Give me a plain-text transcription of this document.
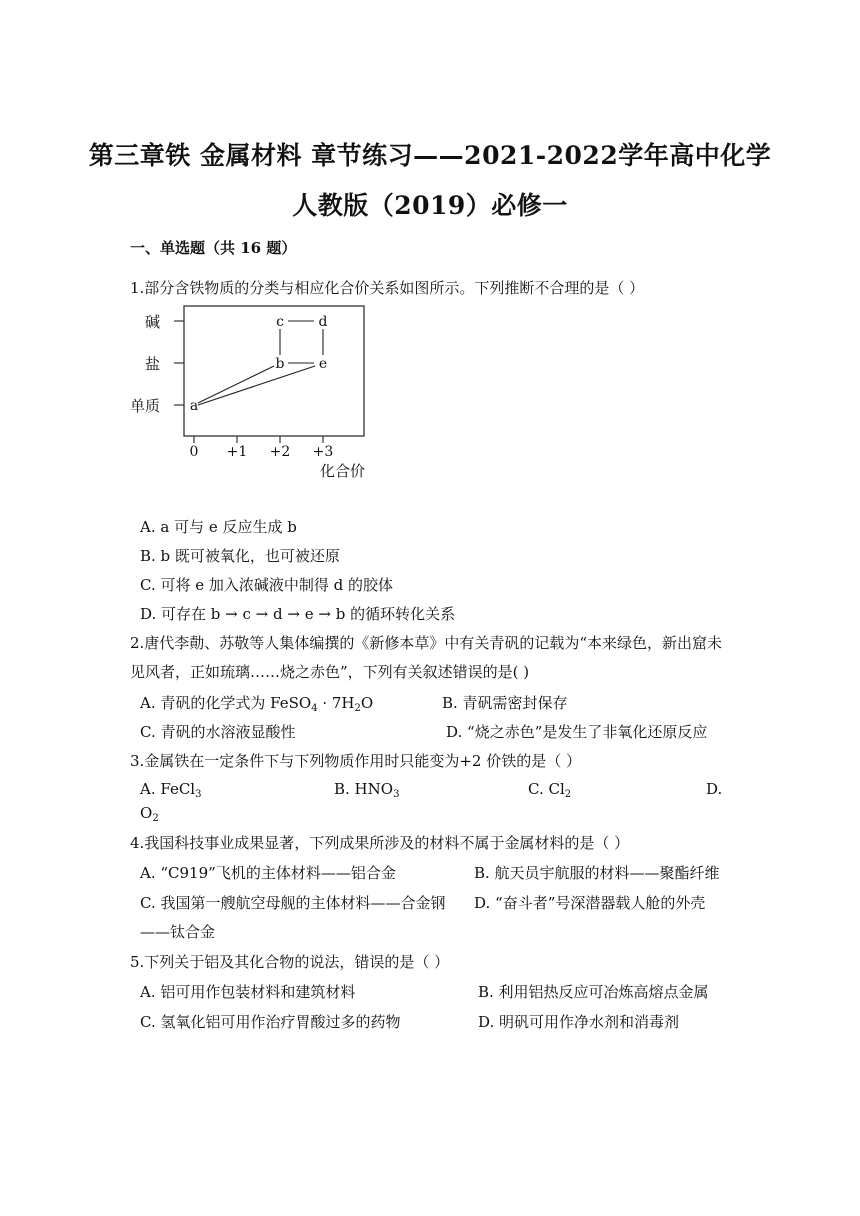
第三章铁 金属材料 章节练习——2021-2022学年高中化学
人教版（2019）必修一
一、单选题（共 16 题）
1.部分含铁物质的分类与相应化合价关系如图所示。下列推断不合理的是（ ）
碱
盐
单质
0 +1 +2 +3
化合价
a
b e
c d
A. a 可与 e 反应生成 b
B. b 既可被氧化，也可被还原
C. 可将 e 加入浓碱液中制得 d 的胶体
D. 可存在 b → c → d → e → b 的循环转化关系
2.唐代李勣、苏敬等人集体编撰的《新修本草》中有关青矾的记载为“本来绿色，新出窟未
见风者，正如琉璃……烧之赤色”，下列有关叙述错误的是( )
A. 青矾的化学式为 FeSO$_4$ · $7H_2O$	B. 青矾需密封保存
C. 青矾的水溶液显酸性	D. “烧之赤色”是发生了非氧化还原反应
3.金属铁在一定条件下与下列物质作用时只能变为+2 价铁的是（ ）
A. FeCl$_3$	B. $HNO_3$	C. $Cl_2$	D.
$O_2$
4.我国科技事业成果显著，下列成果所涉及的材料不属于金属材料的是（ ）
A. “C919”飞机的主体材料——铝合金	B. 航天员宇航服的材料——聚酯纤维
C. 我国第一艘航空母舰的主体材料——合金钢 D. “奋斗者”号深潜器载人舱的外壳
——钛合金
5.下列关于铝及其化合物的说法，错误的是（ ）
A. 铝可用作包装材料和建筑材料	B. 利用铝热反应可冶炼高熔点金属
C. 氢氧化铝可用作治疗胃酸过多的药物	D. 明矾可用作净水剂和消毒剂
